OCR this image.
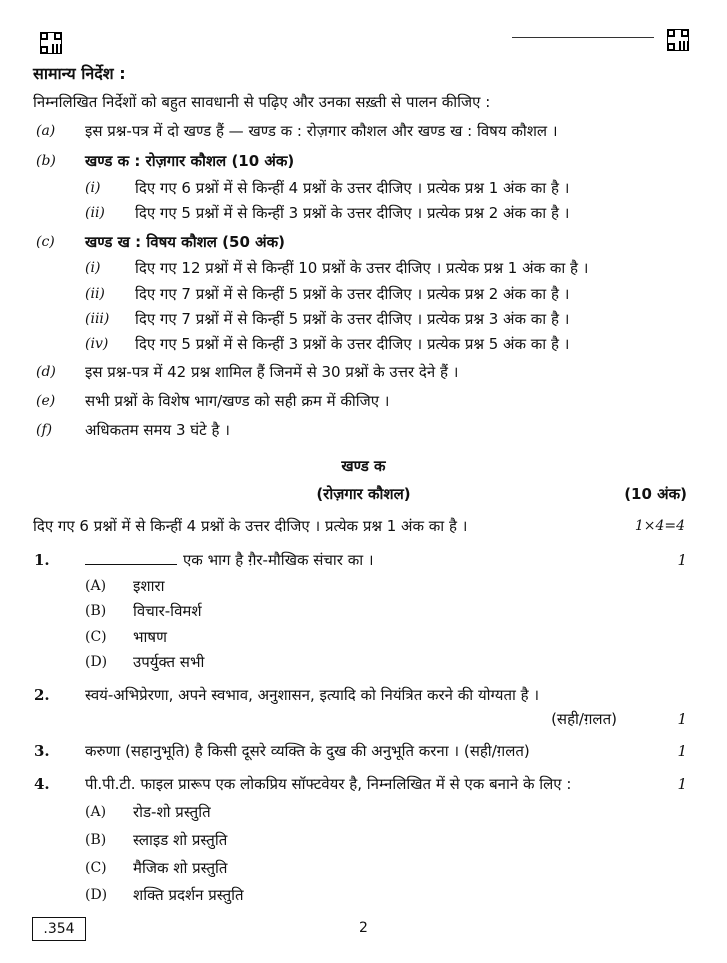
सामान्य निर्देश :
निम्नलिखित निर्देशों को बहुत सावधानी से पढ़िए और उनका सख़्ती से पालन कीजिए :
(a) इस प्रश्न-पत्र में दो खण्ड हैं — खण्ड क : रोज़गार कौशल और खण्ड ख : विषय कौशल ।
(b) खण्ड क : रोज़गार कौशल (10 अंक)
(i) दिए गए 6 प्रश्नों में से किन्हीं 4 प्रश्नों के उत्तर दीजिए । प्रत्येक प्रश्न 1 अंक का है ।
(ii) दिए गए 5 प्रश्नों में से किन्हीं 3 प्रश्नों के उत्तर दीजिए । प्रत्येक प्रश्न 2 अंक का है ।
(c) खण्ड ख : विषय कौशल (50 अंक)
(i) दिए गए 12 प्रश्नों में से किन्हीं 10 प्रश्नों के उत्तर दीजिए । प्रत्येक प्रश्न 1 अंक का है ।
(ii) दिए गए 7 प्रश्नों में से किन्हीं 5 प्रश्नों के उत्तर दीजिए । प्रत्येक प्रश्न 2 अंक का है ।
(iii) दिए गए 7 प्रश्नों में से किन्हीं 5 प्रश्नों के उत्तर दीजिए । प्रत्येक प्रश्न 3 अंक का है ।
(iv) दिए गए 5 प्रश्नों में से किन्हीं 3 प्रश्नों के उत्तर दीजिए । प्रत्येक प्रश्न 5 अंक का है ।
(d) इस प्रश्न-पत्र में 42 प्रश्न शामिल हैं जिनमें से 30 प्रश्नों के उत्तर देने हैं ।
(e) सभी प्रश्नों के विशेष भाग/खण्ड को सही क्रम में कीजिए ।
(f) अधिकतम समय 3 घंटे है ।
खण्ड क
(रोज़गार कौशल)	(10 अंक)
दिए गए 6 प्रश्नों में से किन्हीं 4 प्रश्नों के उत्तर दीजिए । प्रत्येक प्रश्न 1 अंक का है ।	1×4=4
1.	एक भाग है ग़ैर-मौखिक संचार का ।	1
(A) इशारा
(B) विचार-विमर्श
(C) भाषण
(D) उपर्युक्त सभी
2. स्वयं-अभिप्रेरणा, अपने स्वभाव, अनुशासन, इत्यादि को नियंत्रित करने की योग्यता है ।
(सही/ग़लत)	1
3. करुणा (सहानुभूति) है किसी दूसरे व्यक्ति के दुख की अनुभूति करना । (सही/ग़लत)	1
4. पी.पी.टी. फाइल प्रारूप एक लोकप्रिय सॉफ्टवेयर है, निम्नलिखित में से एक बनाने के लिए :	1
(A) रोड-शो प्रस्तुति
(B) स्लाइड शो प्रस्तुति
(C) मैजिक शो प्रस्तुति
(D) शक्ति प्रदर्शन प्रस्तुति
.354	2
